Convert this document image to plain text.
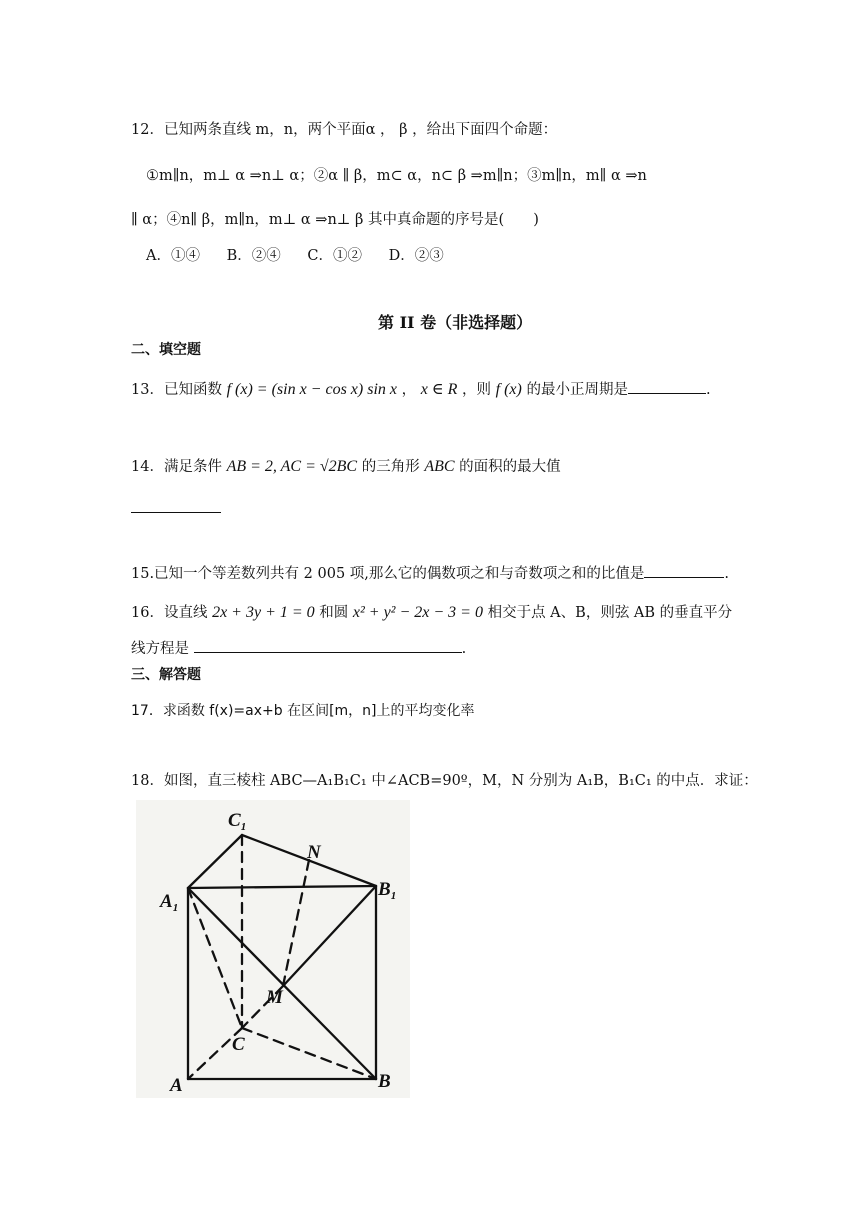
12．已知两条直线 m，n，两个平面α ， β ，给出下面四个命题：
①m∥n，m⊥ α ⇒n⊥ α；②α ∥ β，m⊂ α，n⊂ β ⇒m∥n；③m∥n，m∥ α ⇒n
∥ α；④n∥ β，m∥n，m⊥ α ⇒n⊥ β 其中真命题的序号是(　　)
A．①④ B．②④ C．①② D．②③
第 II 卷（非选择题）
二、填空题
13．已知函数 f (x) = (sin x − cos x) sin x ， x ∈ R ，则 f (x) 的最小正周期是	.
14．满足条件 AB = 2, AC = √2BC 的三角形 ABC 的面积的最大值
15.已知一个等差数列共有 2 005 项,那么它的偶数项之和与奇数项之和的比值是	.
16．设直线 2x + 3y + 1 = 0 和圆 x² + y² − 2x − 3 = 0 相交于点 A、B，则弦 AB 的垂直平分
线方程是	.
三、解答题
17．求函数 f(x)=ax+b 在区间[m，n]上的平均变化率
18．如图，直三棱柱 ABC—A₁B₁C₁ 中∠ACB=90º，M，N 分别为 A₁B，B₁C₁ 的中点．求证：
$C_1$
N
$A_1$
$B_1$
M
C
A	B
